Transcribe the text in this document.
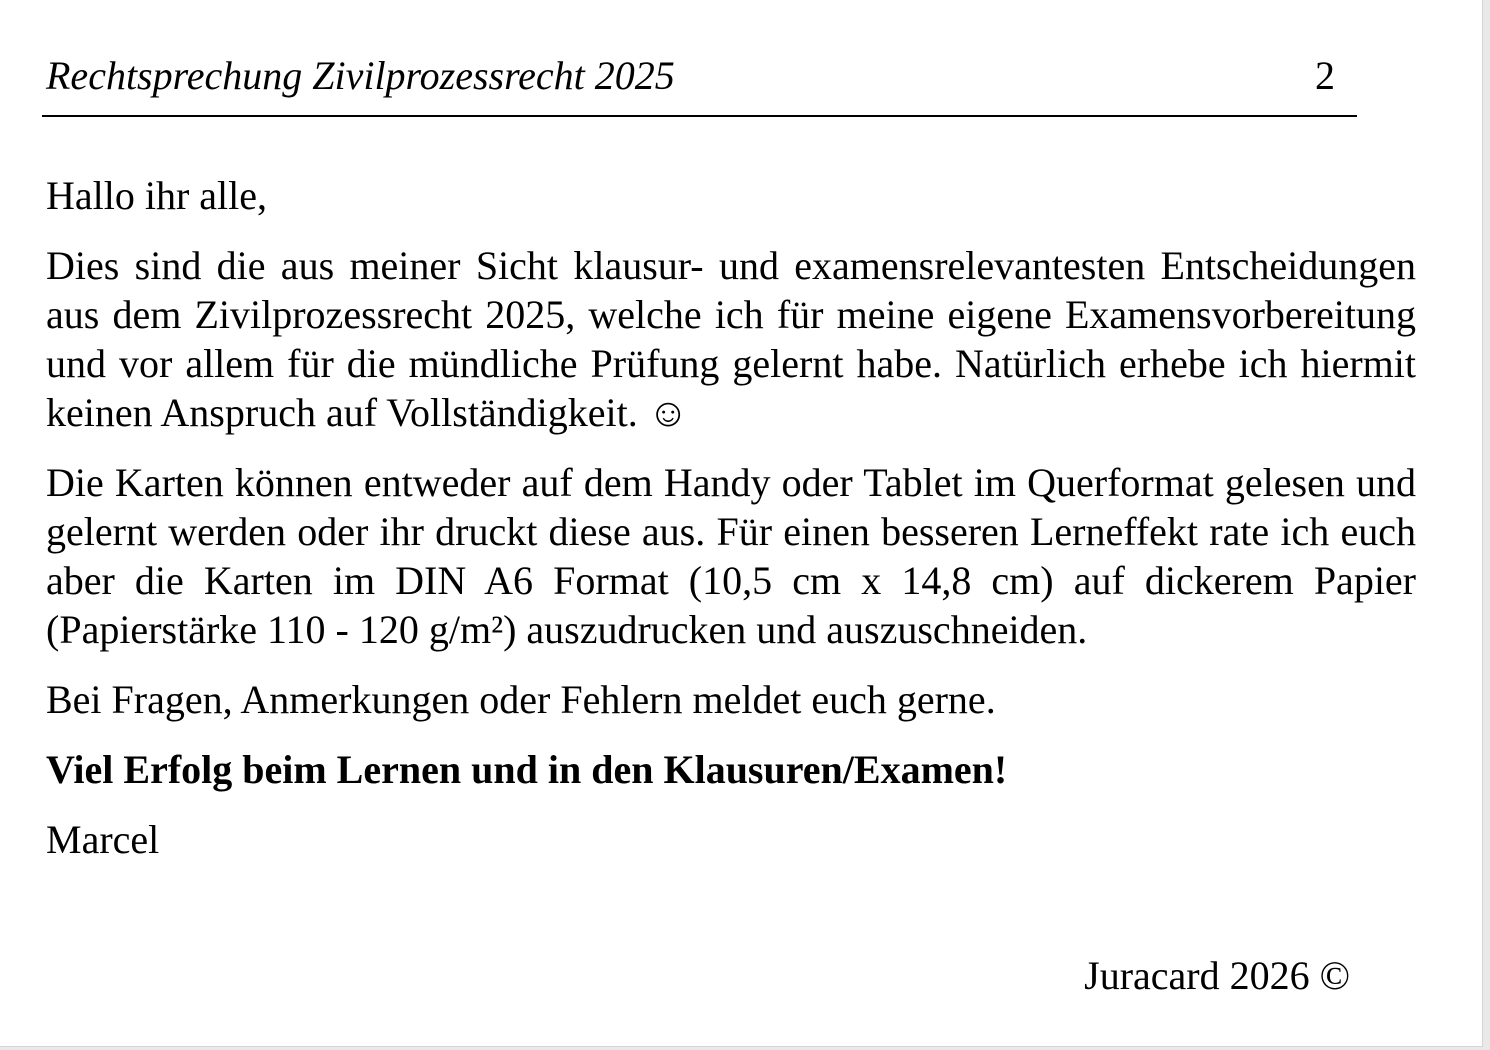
Rechtsprechung Zivilprozessrecht 2025	2

Hallo ihr alle,

Dies sind die aus meiner Sicht klausur- und examensrelevantesten Entscheidungen aus dem Zivilprozessrecht 2025, welche ich für meine eigene Examensvorbereitung und vor allem für die mündliche Prüfung gelernt habe. Natürlich erhebe ich hiermit keinen Anspruch auf Vollständigkeit. ☺

Die Karten können entweder auf dem Handy oder Tablet im Querformat gelesen und gelernt werden oder ihr druckt diese aus. Für einen besseren Lerneffekt rate ich euch aber die Karten im DIN A6 Format (10,5 cm x 14,8 cm) auf dickerem Papier (Papierstärke 110 - 120 g/m²) auszudrucken und auszuschneiden.

Bei Fragen, Anmerkungen oder Fehlern meldet euch gerne.

Viel Erfolg beim Lernen und in den Klausuren/Examen!

Marcel

Juracard 2026 ©
